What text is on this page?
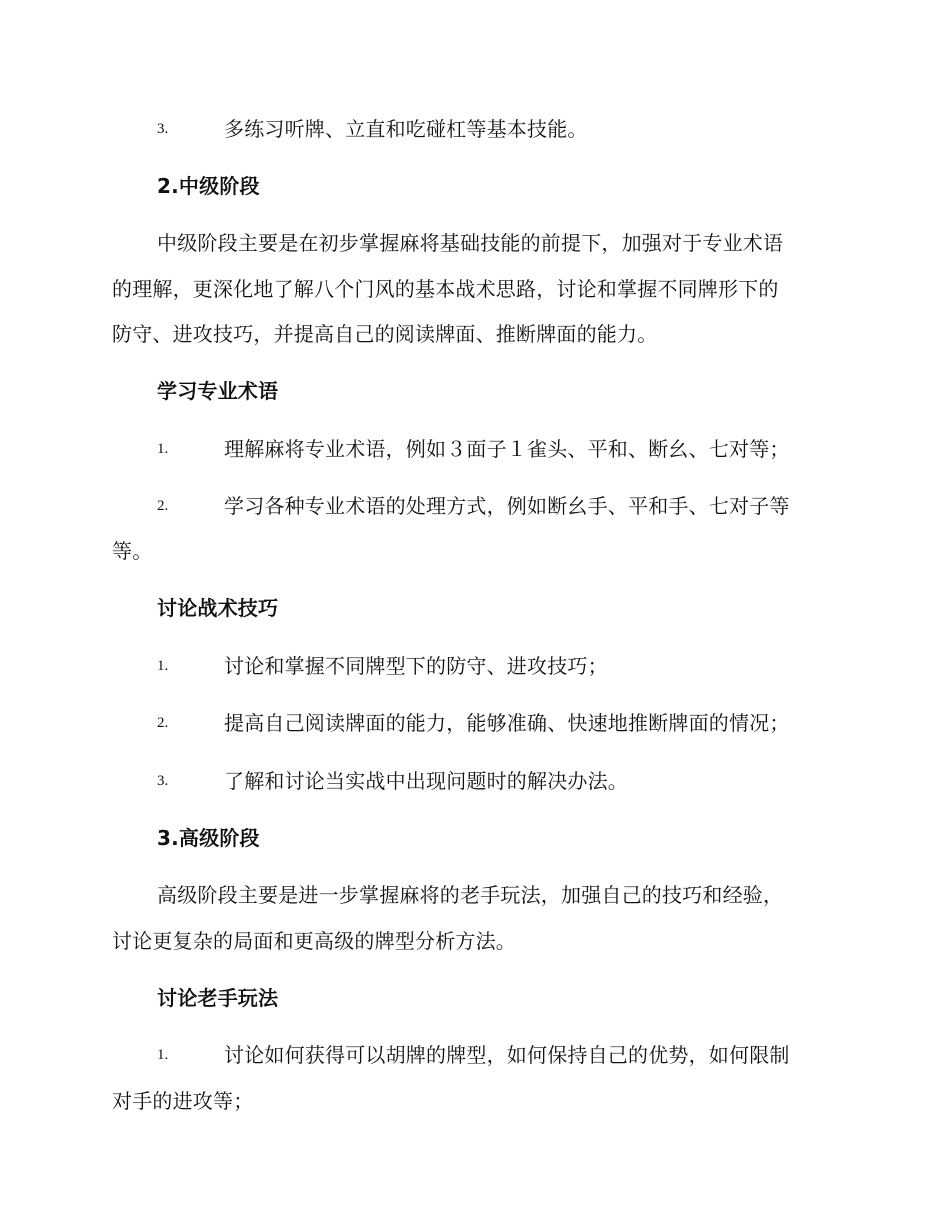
3.	多练习听牌、立直和吃碰杠等基本技能。
2.中级阶段
中级阶段主要是在初步掌握麻将基础技能的前提下，加强对于专业术语
的理解，更深化地了解八个门风的基本战术思路，讨论和掌握不同牌形下的
防守、进攻技巧，并提高自己的阅读牌面、推断牌面的能力。
学习专业术语
1.	理解麻将专业术语，例如３面子１雀头、平和、断幺、七对等；
2.	学习各种专业术语的处理方式，例如断幺手、平和手、七对子等
等。
讨论战术技巧
1.	讨论和掌握不同牌型下的防守、进攻技巧；
2.	提高自己阅读牌面的能力，能够准确、快速地推断牌面的情况；
3.	了解和讨论当实战中出现问题时的解决办法。
3.高级阶段
高级阶段主要是进一步掌握麻将的老手玩法，加强自己的技巧和经验，
讨论更复杂的局面和更高级的牌型分析方法。
讨论老手玩法
1.	讨论如何获得可以胡牌的牌型，如何保持自己的优势，如何限制
对手的进攻等；
